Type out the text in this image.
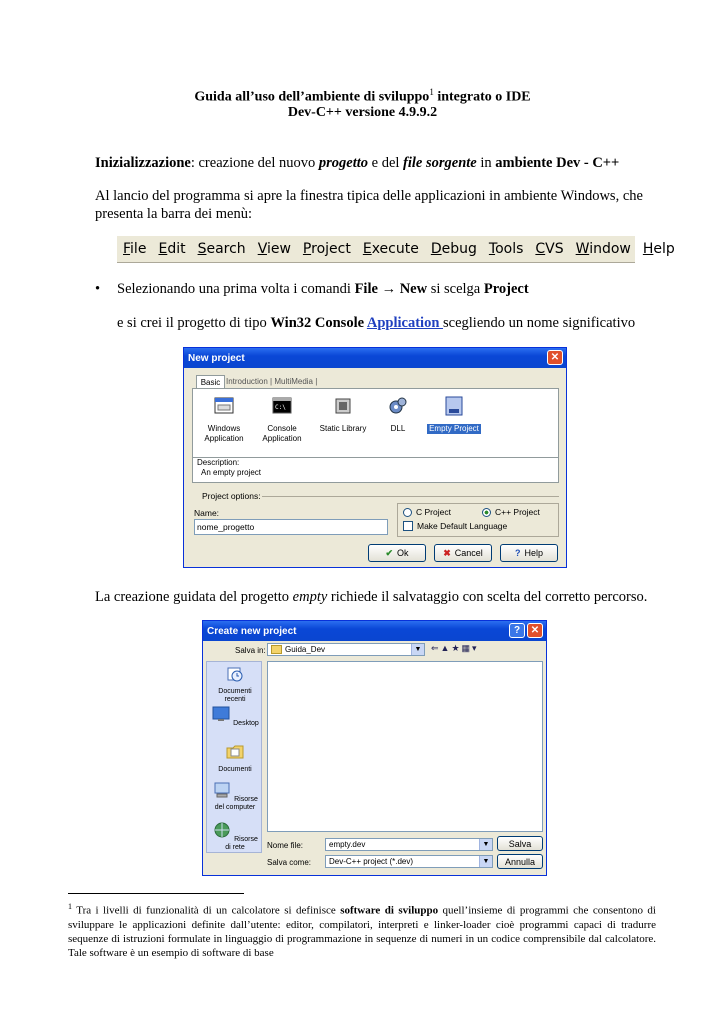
Guida all’uso dell’ambiente di sviluppo$^1$ integrato o IDE
Dev-C++ versione 4.9.9.2
Inizializzazione: creazione del nuovo progetto e del file sorgente in ambiente Dev - C++
Al lancio del programma si apre la finestra tipica delle applicazioni in ambiente Windows, che presenta la barra dei menù:
File Edit Search View Project Execute Debug Tools CVS Window Help
• Selezionando una prima volta i comandi File → New si scelga Project
e si crei il progetto di tipo Win32 Console Application scegliendo un nome significativo
New project	✕
Basic Introduction | MultiMedia |
Windows
Application
C:\
Console
Application
Static Library	DLL	Empty Project
Description:
An empty project
Project options:
Name:
nome_progetto	C Project	C++ Project
Make Default Language
✔ Ok	✖ Cancel	? Help
La creazione guidata del progetto empty richiede il salvataggio con scelta del corretto percorso.
Create new project	?	✕
Salva in: Guida_Dev	▼ ⇐▲★▦▾
Documenti recenti
Desktop
Documenti
Risorse del computer
Risorse di rete	Nome file:	empty.dev	▼
Salva come: Dev-C++ project (*.dev)	▼
Salva
Annulla
$^1$ Tra i livelli di funzionalità di un calcolatore si definisce software di sviluppo quell’insieme di programmi che consentono di sviluppare le applicazioni definite dall’utente: editor, compilatori, interpreti e linker-loader cioè programmi capaci di tradurre sequenze di istruzioni formulate in linguaggio di programmazione in sequenze di numeri in un codice comprensibile dal calcolatore. Tale software è un esempio di software di base
